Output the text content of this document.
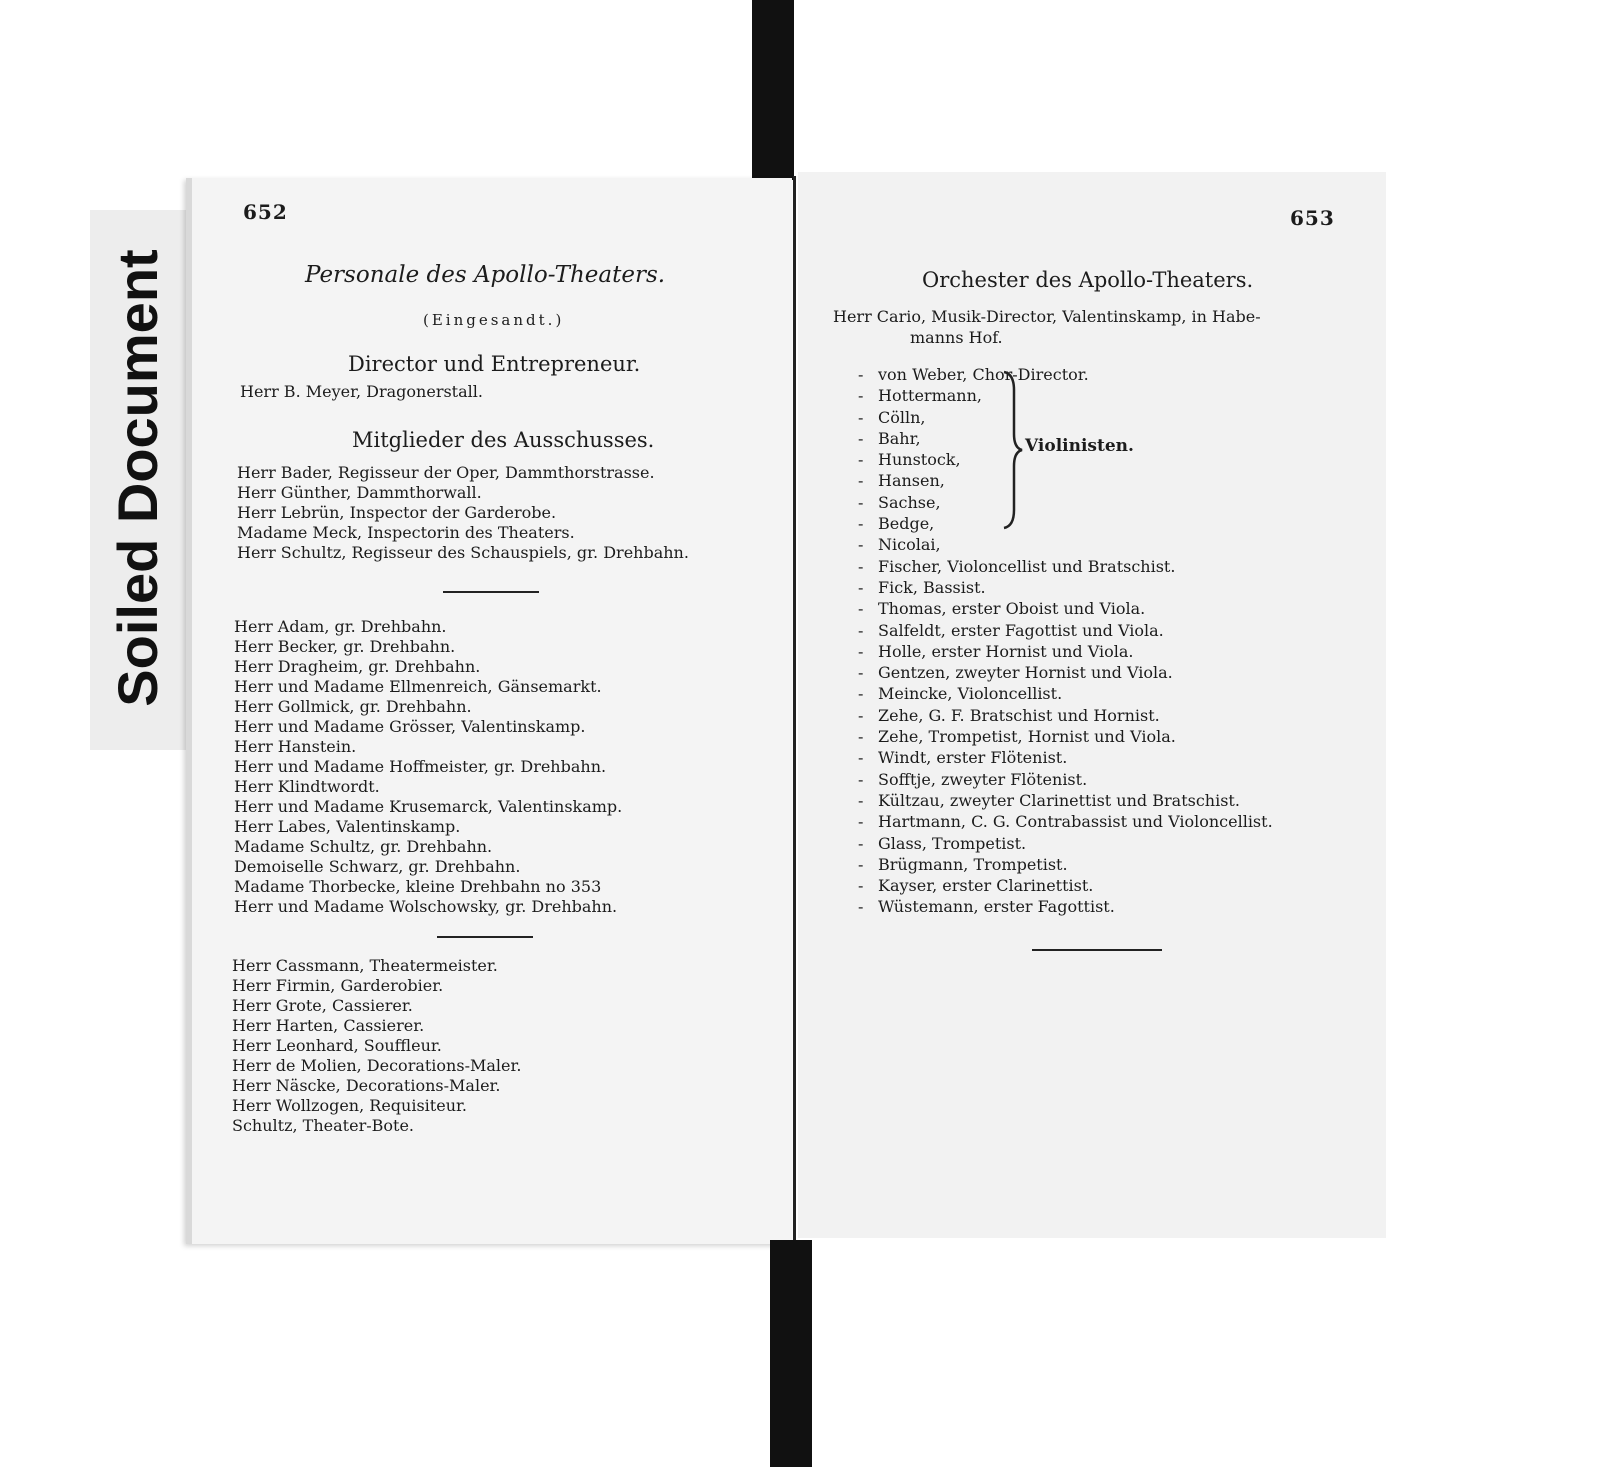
Soiled Document
652
Personale des Apollo-Theaters.
(Eingesandt.)
Director und Entrepreneur.
Herr B. Meyer, Dragonerstall.
Mitglieder des Ausschusses.
Herr Bader, Regisseur der Oper, Dammthorstrasse.
Herr Günther, Dammthorwall.
Herr Lebrün, Inspector der Garderobe.
Madame Meck, Inspectorin des Theaters.
Herr Schultz, Regisseur des Schauspiels, gr. Drehbahn.
Herr Adam, gr. Drehbahn.
Herr Becker, gr. Drehbahn.
Herr Dragheim, gr. Drehbahn.
Herr und Madame Ellmenreich, Gänsemarkt.
Herr Gollmick, gr. Drehbahn.
Herr und Madame Grösser, Valentinskamp.
Herr Hanstein.
Herr und Madame Hoffmeister, gr. Drehbahn.
Herr Klindtwordt.
Herr und Madame Krusemarck, Valentinskamp.
Herr Labes, Valentinskamp.
Madame Schultz, gr. Drehbahn.
Demoiselle Schwarz, gr. Drehbahn.
Madame Thorbecke, kleine Drehbahn no 353
Herr und Madame Wolschowsky, gr. Drehbahn.
Herr Cassmann, Theatermeister.
Herr Firmin, Garderobier.
Herr Grote, Cassierer.
Herr Harten, Cassierer.
Herr Leonhard, Souffleur.
Herr de Molien, Decorations-Maler.
Herr Näscke, Decorations-Maler.
Herr Wollzogen, Requisiteur.
Schultz, Theater-Bote.
653
Orchester des Apollo-Theaters.
Herr Cario, Musik-Director, Valentinskamp, in Habe-
manns Hof.
- von Weber, Chor-Director.
- Hottermann,
- Cölln,
- Bahr,
- Hunstock,
- Hansen,
- Sachse,
- Bedge,
- Nicolai,
- Fischer, Violoncellist und Bratschist.
- Fick, Bassist.
- Thomas, erster Oboist und Viola.
- Salfeldt, erster Fagottist und Viola.
- Holle, erster Hornist und Viola.
- Gentzen, zweyter Hornist und Viola.
- Meincke, Violoncellist.
- Zehe, G. F. Bratschist und Hornist.
- Zehe, Trompetist, Hornist und Viola.
- Windt, erster Flötenist.
- Sofftje, zweyter Flötenist.
- Kültzau, zweyter Clarinettist und Bratschist.
- Hartmann, C. G. Contrabassist und Violoncellist.
- Glass, Trompetist.
- Brügmann, Trompetist.
- Kayser, erster Clarinettist.
- Wüstemann, erster Fagottist.
Violinisten.
